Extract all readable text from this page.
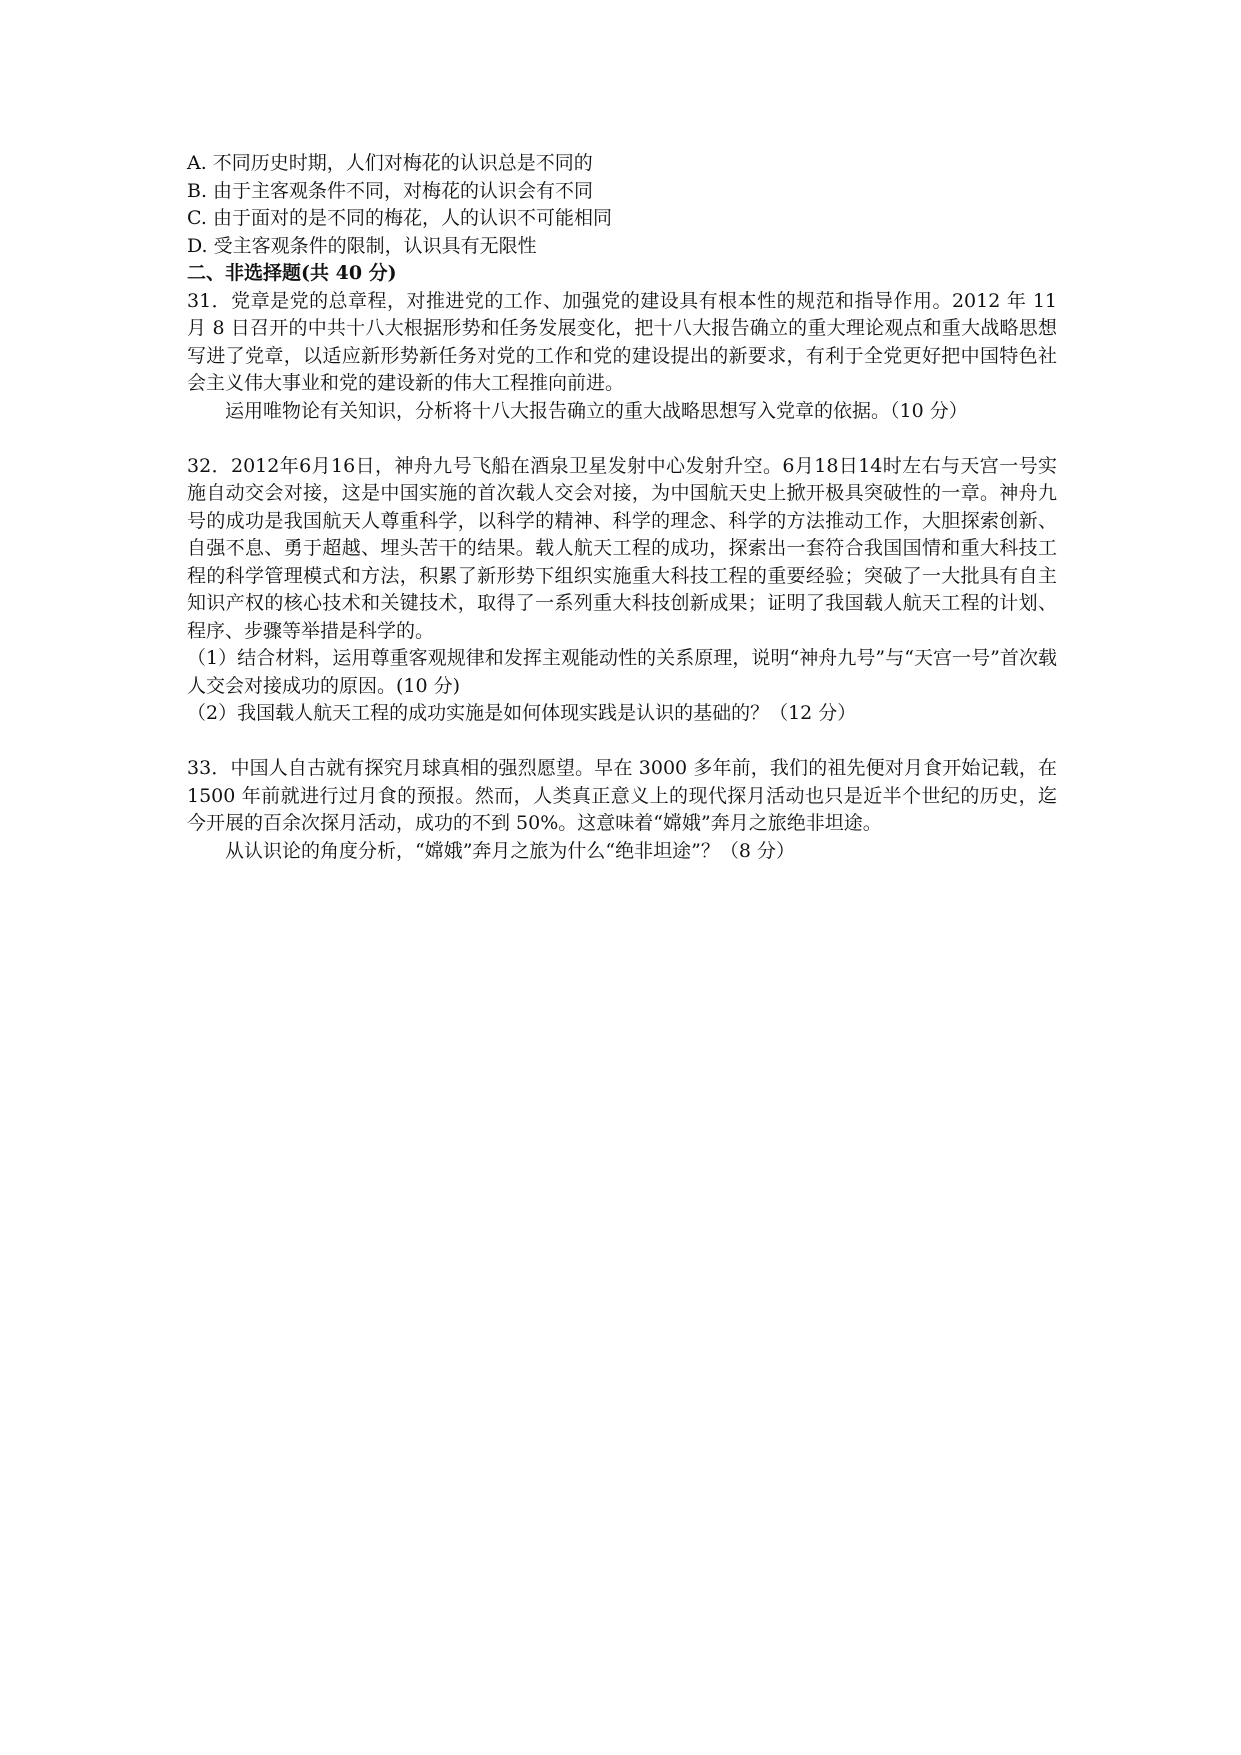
A. 不同历史时期，人们对梅花的认识总是不同的
B. 由于主客观条件不同，对梅花的认识会有不同
C. 由于面对的是不同的梅花，人的认识不可能相同
D. 受主客观条件的限制，认识具有无限性
二、非选择题(共 40 分)

31．党章是党的总章程，对推进党的工作、加强党的建设具有根本性的规范和指导作用。2012 年 11 月 8 日召开的中共十八大根据形势和任务发展变化，把十八大报告确立的重大理论观点和重大战略思想写进了党章，以适应新形势新任务对党的工作和党的建设提出的新要求，有利于全党更好把中国特色社会主义伟大事业和党的建设新的伟大工程推向前进。

运用唯物论有关知识，分析将十八大报告确立的重大战略思想写入党章的依据。（10 分）

32．2012年6月16日，神舟九号飞船在酒泉卫星发射中心发射升空。6月18日14时左右与天宫一号实施自动交会对接，这是中国实施的首次载人交会对接，为中国航天史上掀开极具突破性的一章。神舟九号的成功是我国航天人尊重科学，以科学的精神、科学的理念、科学的方法推动工作，大胆探索创新、自强不息、勇于超越、埋头苦干的结果。载人航天工程的成功，探索出一套符合我国国情和重大科技工程的科学管理模式和方法，积累了新形势下组织实施重大科技工程的重要经验；突破了一大批具有自主知识产权的核心技术和关键技术，取得了一系列重大科技创新成果；证明了我国载人航天工程的计划、程序、步骤等举措是科学的。

（1）结合材料，运用尊重客观规律和发挥主观能动性的关系原理，说明“神舟九号”与“天宫一号”首次载人交会对接成功的原因。(10 分)

（2）我国载人航天工程的成功实施是如何体现实践是认识的基础的？（12 分）

33．中国人自古就有探究月球真相的强烈愿望。早在 3000 多年前，我们的祖先便对月食开始记载，在 1500 年前就进行过月食的预报。然而，人类真正意义上的现代探月活动也只是近半个世纪的历史，迄今开展的百余次探月活动，成功的不到 50%。这意味着“嫦娥”奔月之旅绝非坦途。

从认识论的角度分析，“嫦娥”奔月之旅为什么“绝非坦途”？（8 分）
